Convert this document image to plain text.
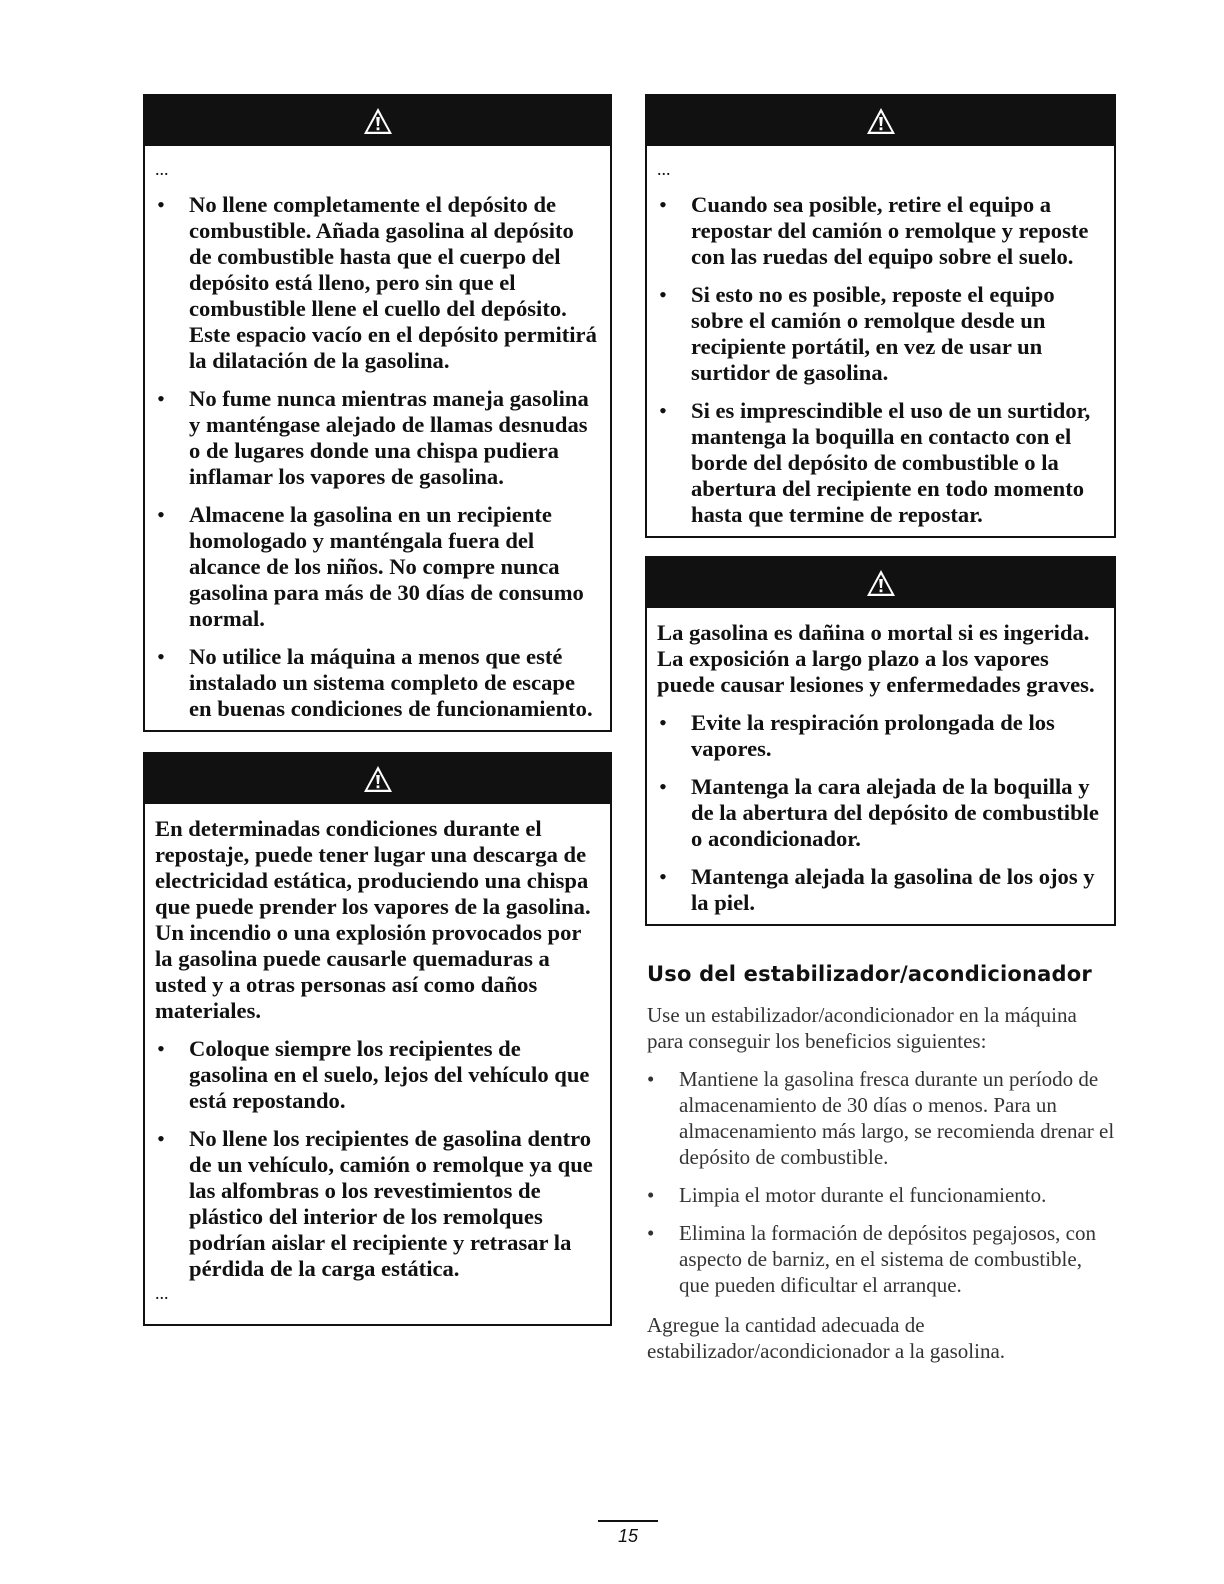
...

• No llene completamente el depósito de combustible. Añada gasolina al depósito de combustible hasta que el cuerpo del depósito está lleno, pero sin que el combustible llene el cuello del depósito. Este espacio vacío en el depósito permitirá la dilatación de la gasolina.
• No fume nunca mientras maneja gasolina y manténgase alejado de llamas desnudas o de lugares donde una chispa pudiera inflamar los vapores de gasolina.
• Almacene la gasolina en un recipiente homologado y manténgala fuera del alcance de los niños. No compre nunca gasolina para más de 30 días de consumo normal.
• No utilice la máquina a menos que esté instalado un sistema completo de escape en buenas condiciones de funcionamiento.

En determinadas condiciones durante el repostaje, puede tener lugar una descarga de electricidad estática, produciendo una chispa que puede prender los vapores de la gasolina. Un incendio o una explosión provocados por la gasolina puede causarle quemaduras a usted y a otras personas así como daños materiales.

• Coloque siempre los recipientes de gasolina en el suelo, lejos del vehículo que está repostando.
• No llene los recipientes de gasolina dentro de un vehículo, camión o remolque ya que las alfombras o los revestimientos de plástico del interior de los remolques podrían aislar el recipiente y retrasar la pérdida de la carga estática.

...

...

• Cuando sea posible, retire el equipo a repostar del camión o remolque y reposte con las ruedas del equipo sobre el suelo.
• Si esto no es posible, reposte el equipo sobre el camión o remolque desde un recipiente portátil, en vez de usar un surtidor de gasolina.
• Si es imprescindible el uso de un surtidor, mantenga la boquilla en contacto con el borde del depósito de combustible o la abertura del recipiente en todo momento hasta que termine de repostar.

La gasolina es dañina o mortal si es ingerida. La exposición a largo plazo a los vapores puede causar lesiones y enfermedades graves.

• Evite la respiración prolongada de los vapores.
• Mantenga la cara alejada de la boquilla y de la abertura del depósito de combustible o acondicionador.
• Mantenga alejada la gasolina de los ojos y la piel.
Uso del estabilizador/acondicionador

Use un estabilizador/acondicionador en la máquina para conseguir los beneficios siguientes:

• Mantiene la gasolina fresca durante un período de almacenamiento de 30 días o menos. Para un almacenamiento más largo, se recomienda drenar el depósito de combustible.
• Limpia el motor durante el funcionamiento.
• Elimina la formación de depósitos pegajosos, con aspecto de barniz, en el sistema de combustible, que pueden dificultar el arranque.

Agregue la cantidad adecuada de estabilizador/acondicionador a la gasolina.

15
